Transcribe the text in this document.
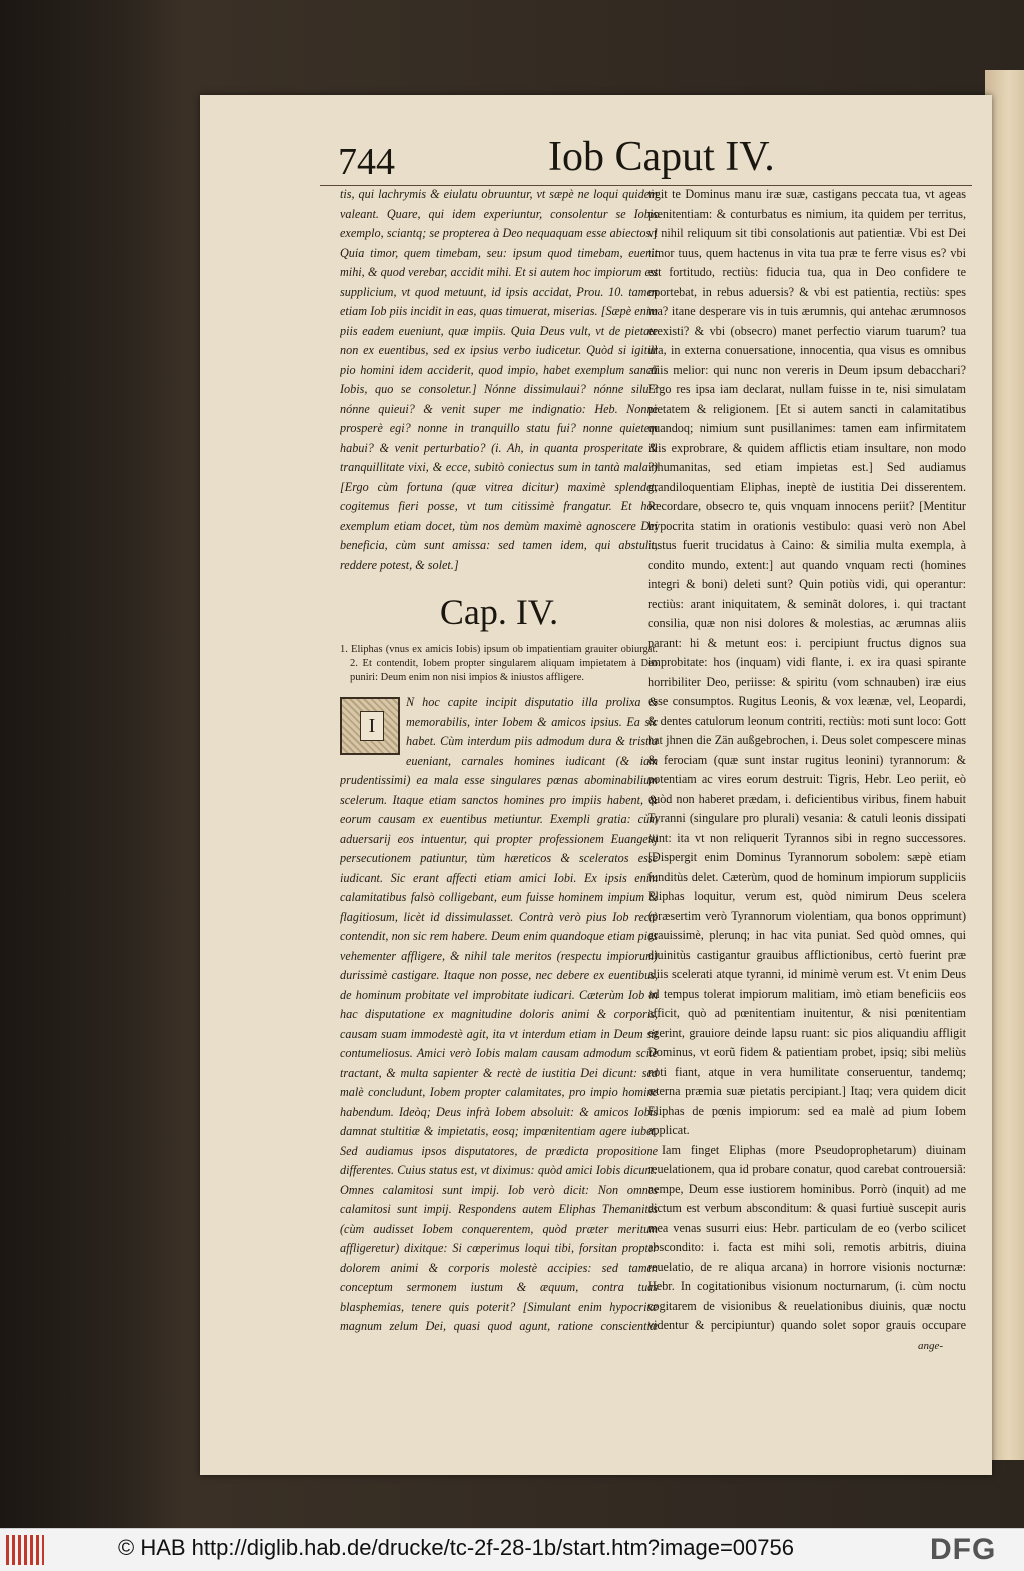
744	Iob Caput IV.

tis, qui lachrymis & eiulatu obruuntur, vt sæpè ne loqui quidem valeant. Quare, qui idem experiuntur, consolentur se Iobis exemplo, sciantq; se propterea à Deo nequaquam esse abiectos.] Quia timor, quem timebam, seu: ipsum quod timebam, euenit mihi, & quod verebar, accidit mihi. Et si autem hoc impiorum est supplicium, vt quod metuunt, id ipsis accidat, Prou. 10. tamen etiam Iob piis incidit in eas, quas timuerat, miserias. [Sæpè enim piis eadem eueniunt, quæ impiis. Quia Deus vult, vt de pietate non ex euentibus, sed ex ipsius verbo iudicetur. Quòd si igitur pio homini idem acciderit, quod impio, habet exemplum sancti Iobis, quo se consoletur.] Nónne dissimulaui? nónne silui? nónne quieui? & venit super me indignatio: Heb. Nonne prosperè egi? nonne in tranquillo statu fui? nonne quietem habui? & venit perturbatio? (i. Ah, in quanta prosperitate & tranquillitate vixi, & ecce, subitò coniectus sum in tantà mala?) [Ergo cùm fortuna (quæ vitrea dicitur) maximè splendet, cogitemus fieri posse, vt tum citissimè frangatur. Et hoc exemplum etiam docet, tùm nos demùm maximè agnoscere Dei beneficia, cùm sunt amissa: sed tamen idem, qui abstulit, reddere potest, & solet.]

Cap. IV.

1. Eliphas (vnus ex amicis Iobis) ipsum ob impatientiam grauiter obiurgat. 2. Et contendit, Iobem propter singularem aliquam impietatem à Deo puniri: Deum enim non nisi impios & iniustos affligere.

I

N hoc capite incipit disputatio illa prolixa & memorabilis, inter Iobem & amicos ipsius. Ea sic habet. Cùm interdum piis admodum dura & tristia eueniant, carnales homines iudicant (& iam prudentissimi) ea mala esse singulares pœnas abominabilium scelerum. Itaque etiam sanctos homines pro impiis habent, & eorum causam ex euentibus metiuntur. Exempli gratia: cùm aduersarij eos intuentur, qui propter professionem Euangelij persecutionem patiuntur, tùm hæreticos & sceleratos esse iudicant. Sic erant affecti etiam amici Iobi. Ex ipsis enim calamitatibus falsò colligebant, eum fuisse hominem impium & flagitiosum, licèt id dissimulasset. Contrà verò pius Iob rectè contendit, non sic rem habere. Deum enim quandoque etiam pios vehementer affligere, & nihil tale meritos (respectu impiorum) durissimè castigare. Itaque non posse, nec debere ex euentibus, de hominum probitate vel improbitate iudicari. Cæterùm Iob in hac disputatione ex magnitudine doloris animi & corporis, causam suam immodestè agit, ita vt interdum etiam in Deum sit contumeliosus. Amici verò Iobis malam causam admodum scitè tractant, & multa sapienter & rectè de iustitia Dei dicunt: sed malè concludunt, Iobem propter calamitates, pro impio homine habendum. Ideòq; Deus infrà Iobem absoluit: & amicos Iobis damnat stultitiæ & impietatis, eosq; impœnitentiam agere iubet. Sed audiamus ipsos disputatores, de prædicta propositione differentes. Cuius status est, vt diximus: quòd amici Iobis dicunt: Omnes calamitosi sunt impij. Iob verò dicit: Non omnes calamitosi sunt impij. Respondens autem Eliphas Themanites (cùm audisset Iobem conquerentem, quòd præter meritum affligeretur) dixitque: Si cœperimus loqui tibi, forsitan propter dolorem animi & corporis molestè accipies: sed tamen conceptum sermonem iustum & æquum, contra tuas blasphemias, tenere quis poterit? [Simulant enim hypocritæ magnum zelum Dei, quasi quod agunt, ratione conscientiæ

tigit te Dominus manu iræ suæ, castigans peccata tua, vt ageas pœnitentiam: & conturbatus es nimium, ita quidem per territus, vt nihil reliquum sit tibi consolationis aut patientiæ. Vbi est Dei timor tuus, quem hactenus in vita tua præ te ferre visus es? vbi est fortitudo, rectiùs: fiducia tua, qua in Deo confidere te oportebat, in rebus aduersis? & vbi est patientia, rectiùs: spes tua? itane desperare vis in tuis ærumnis, qui antehac ærumnosos erexisti? & vbi (obsecro) manet perfectio viarum tuarum? tua illa, in externa conuersatione, innocentia, qua visus es omnibus aliis melior: qui nunc non vereris in Deum ipsum debacchari? Ergo res ipsa iam declarat, nullam fuisse in te, nisi simulatam pietatem & religionem. [Et si autem sancti in calamitatibus quandoq; nimium sunt pusillanimes: tamen eam infirmitatem illis exprobrare, & quidem afflictis etiam insultare, non modo inhumanitas, sed etiam impietas est.] Sed audiamus grandiloquentiam Eliphas, ineptè de iustitia Dei disserentem. Recordare, obsecro te, quis vnquam innocens periit? [Mentitur hypocrita statim in orationis vestibulo: quasi verò non Abel iustus fuerit trucidatus à Caino: & similia multa exempla, à condito mundo, extent:] aut quando vnquam recti (homines integri & boni) deleti sunt? Quin potiùs vidi, qui operantur: rectiùs: arant iniquitatem, & seminãt dolores, i. qui tractant consilia, quæ non nisi dolores & molestias, ac ærumnas aliis parant: hi & metunt eos: i. percipiunt fructus dignos sua improbitate: hos (inquam) vidi flante, i. ex ira quasi spirante horribiliter Deo, periisse: & spiritu (vom schnauben) iræ eius esse consumptos. Rugitus Leonis, & vox leænæ, vel, Leopardi, & dentes catulorum leonum contriti, rectiùs: moti sunt loco: Gott hat jhnen die Zän außgebrochen, i. Deus solet compescere minas & ferociam (quæ sunt instar rugitus leonini) tyrannorum: & potentiam ac vires eorum destruit: Tigris, Hebr. Leo periit, eò quòd non haberet prædam, i. deficientibus viribus, finem habuit Tyranni (singulare pro plurali) vesania: & catuli leonis dissipati sunt: ita vt non reliquerit Tyrannos sibi in regno successores. [Dispergit enim Dominus Tyrannorum sobolem: sæpè etiam funditùs delet. Cæterùm, quod de hominum impiorum suppliciis Eliphas loquitur, verum est, quòd nimirum Deus scelera (præsertim verò Tyrannorum violentiam, qua bonos opprimunt) grauissimè, plerunq; in hac vita puniat. Sed quòd omnes, qui diuinitùs castigantur grauibus afflictionibus, certò fuerint præ aliis scelerati atque tyranni, id minimè verum est. Vt enim Deus ad tempus tolerat impiorum malitiam, imò etiam beneficiis eos afficit, quò ad pœnitentiam inuitentur, & nisi pœnitentiam egerint, grauiore deinde lapsu ruant: sic pios aliquandiu affligit Dominus, vt eorũ fidem & patientiam probet, ipsiq; sibi meliùs noti fiant, atque in vera humilitate conseruentur, tandemq; æterna præmia suæ pietatis percipiant.] Itaq; vera quidem dicit Eliphas de pœnis impiorum: sed ea malè ad pium Iobem applicat.

Iam finget Eliphas (more Pseudoprophetarum) diuinam reuelationem, qua id probare conatur, quod carebat controuersiã: nempe, Deum esse iustiorem hominibus. Porrò (inquit) ad me dictum est verbum absconditum: & quasi furtiuè suscepit auris mea venas susurri eius: Hebr. particulam de eo (verbo scilicet abscondito: i. facta est mihi soli, remotis arbitris, diuina reuelatio, de re aliqua arcana) in horrore visionis nocturnæ: Hebr. In cogitationibus visionum nocturnarum, (i. cùm noctu cogitarem de visionibus & reuelationibus diuinis, quæ noctu videntur & percipiuntur) quando solet sopor grauis occupare

ange-
© HAB http://diglib.hab.de/drucke/tc-2f-28-1b/start.htm?image=00756	DFG
